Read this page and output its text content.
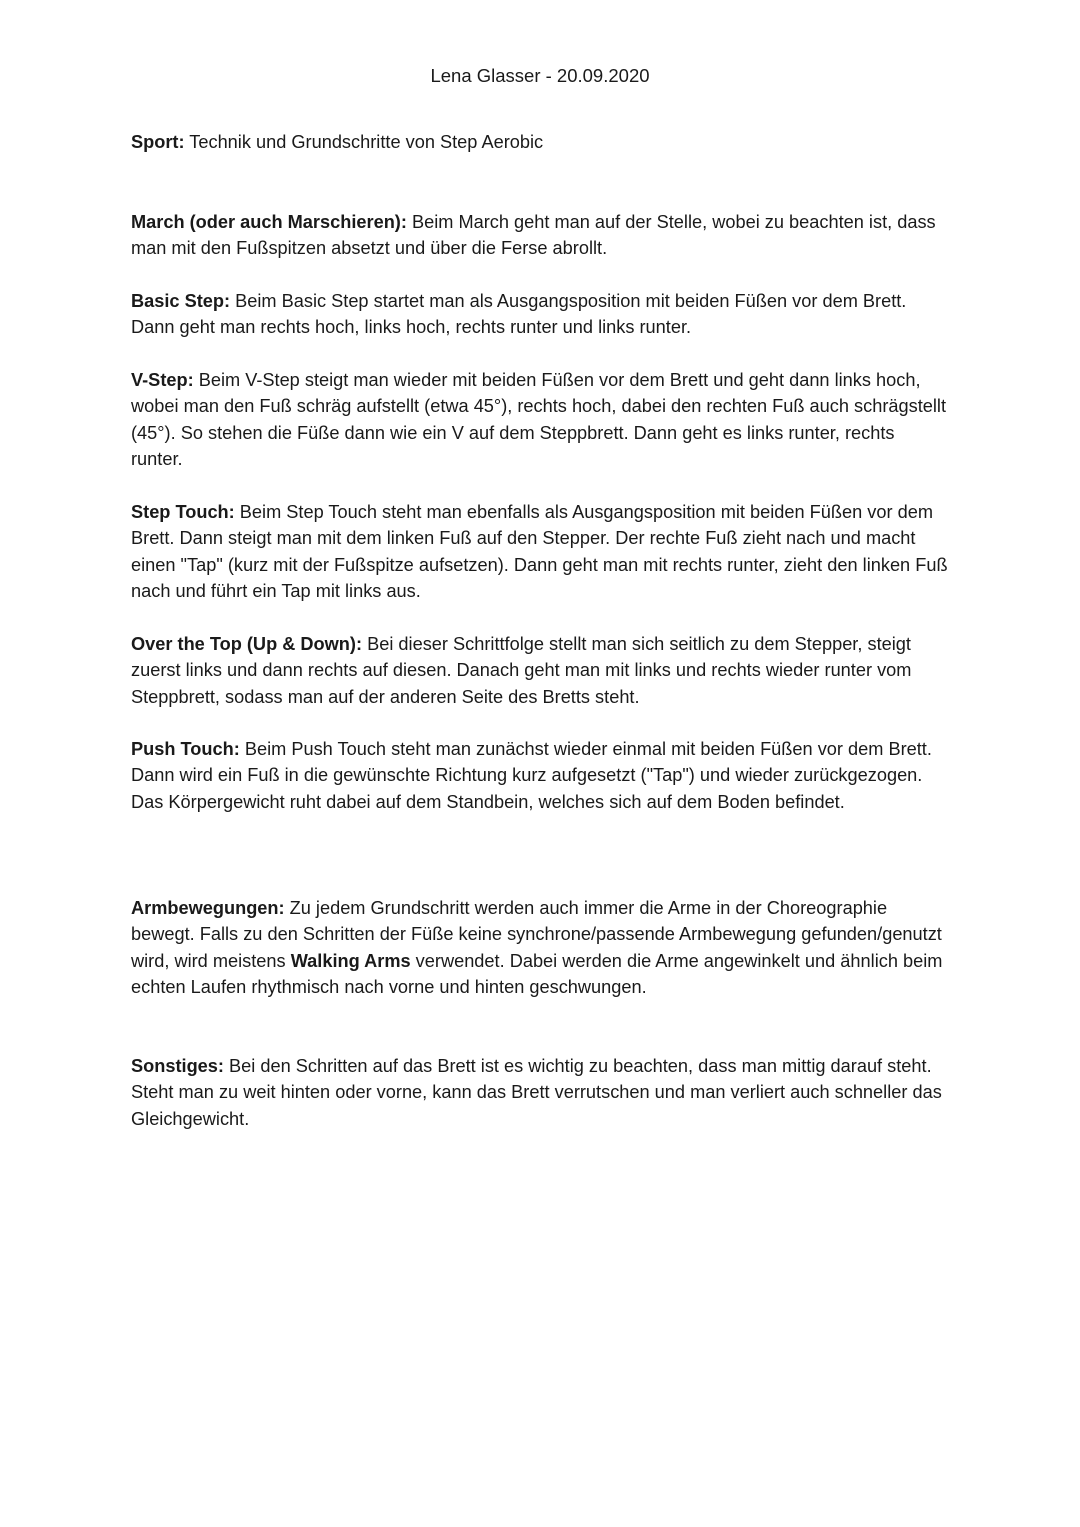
Lena Glasser - 20.09.2020

Sport: Technik und Grundschritte von Step Aerobic

March (oder auch Marschieren): Beim March geht man auf der Stelle, wobei zu beachten ist, dass man mit den Fußspitzen absetzt und über die Ferse abrollt.

Basic Step: Beim Basic Step startet man als Ausgangsposition mit beiden Füßen vor dem Brett. Dann geht man rechts hoch, links hoch, rechts runter und links runter.

V-Step: Beim V-Step steigt man wieder mit beiden Füßen vor dem Brett und geht dann links hoch, wobei man den Fuß schräg aufstellt (etwa 45°), rechts hoch, dabei den rechten Fuß auch schrägstellt (45°). So stehen die Füße dann wie ein V auf dem Steppbrett. Dann geht es links runter, rechts runter.

Step Touch: Beim Step Touch steht man ebenfalls als Ausgangsposition mit beiden Füßen vor dem Brett. Dann steigt man mit dem linken Fuß auf den Stepper. Der rechte Fuß zieht nach und macht einen "Tap" (kurz mit der Fußspitze aufsetzen). Dann geht man mit rechts runter, zieht den linken Fuß nach und führt ein Tap mit links aus.

Over the Top (Up & Down): Bei dieser Schrittfolge stellt man sich seitlich zu dem Stepper, steigt zuerst links und dann rechts auf diesen. Danach geht man mit links und rechts wieder runter vom Steppbrett, sodass man auf der anderen Seite des Bretts steht.

Push Touch: Beim Push Touch steht man zunächst wieder einmal mit beiden Füßen vor dem Brett. Dann wird ein Fuß in die gewünschte Richtung kurz aufgesetzt ("Tap") und wieder zurückgezogen. Das Körpergewicht ruht dabei auf dem Standbein, welches sich auf dem Boden befindet.

Armbewegungen: Zu jedem Grundschritt werden auch immer die Arme in der Choreographie bewegt. Falls zu den Schritten der Füße keine synchrone/passende Armbewegung gefunden/genutzt wird, wird meistens Walking Arms verwendet. Dabei werden die Arme angewinkelt und ähnlich beim echten Laufen rhythmisch nach vorne und hinten geschwungen.

Sonstiges: Bei den Schritten auf das Brett ist es wichtig zu beachten, dass man mittig darauf steht. Steht man zu weit hinten oder vorne, kann das Brett verrutschen und man verliert auch schneller das Gleichgewicht.
